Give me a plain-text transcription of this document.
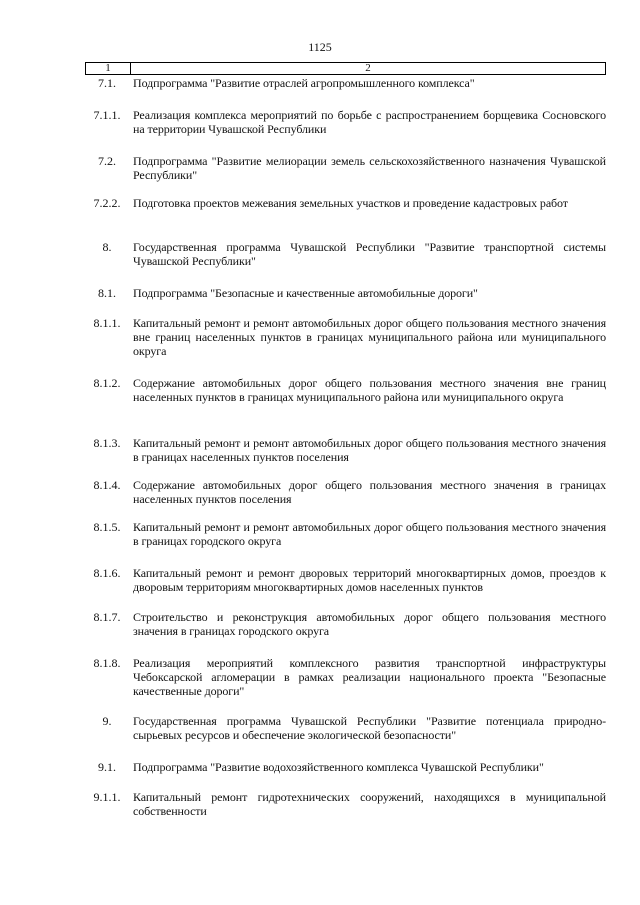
1125
1	2
7.1.	Подпрограмма "Развитие отраслей агропромышленного комплекса"
7.1.1.	Реализация комплекса мероприятий по борьбе с распространением борщевика Сосновского на территории Чувашской Республики
7.2.	Подпрограмма "Развитие мелиорации земель сельскохозяйственного назначения Чувашской Республики"
7.2.2.	Подготовка проектов межевания земельных участков и проведение кадастровых работ
8.	Государственная программа Чувашской Республики "Развитие транспортной системы Чувашской Республики"
8.1.	Подпрограмма "Безопасные и качественные автомобильные дороги"
8.1.1.	Капитальный ремонт и ремонт автомобильных дорог общего пользования местного значения вне границ населенных пунктов в границах муниципального района или муниципального округа
8.1.2.	Содержание автомобильных дорог общего пользования местного значения вне границ населенных пунктов в границах муниципального района или муниципального округа
8.1.3.	Капитальный ремонт и ремонт автомобильных дорог общего пользования местного значения в границах населенных пунктов поселения
8.1.4.	Содержание автомобильных дорог общего пользования местного значения в границах населенных пунктов поселения
8.1.5.	Капитальный ремонт и ремонт автомобильных дорог общего пользования местного значения в границах городского округа
8.1.6.	Капитальный ремонт и ремонт дворовых территорий многоквартирных домов, проездов к дворовым территориям многоквартирных домов населенных пунктов
8.1.7.	Строительство и реконструкция автомобильных дорог общего пользования местного значения в границах городского округа
8.1.8.	Реализация мероприятий комплексного развития транспортной инфраструктуры Чебоксарской агломерации в рамках реализации национального проекта "Безопасные качественные дороги"
9.	Государственная программа Чувашской Республики "Развитие потенциала природно-сырьевых ресурсов и обеспечение экологической безопасности"
9.1.	Подпрограмма "Развитие водохозяйственного комплекса Чувашской Республики"
9.1.1.	Капитальный ремонт гидротехнических сооружений, находящихся в муниципальной собственности
